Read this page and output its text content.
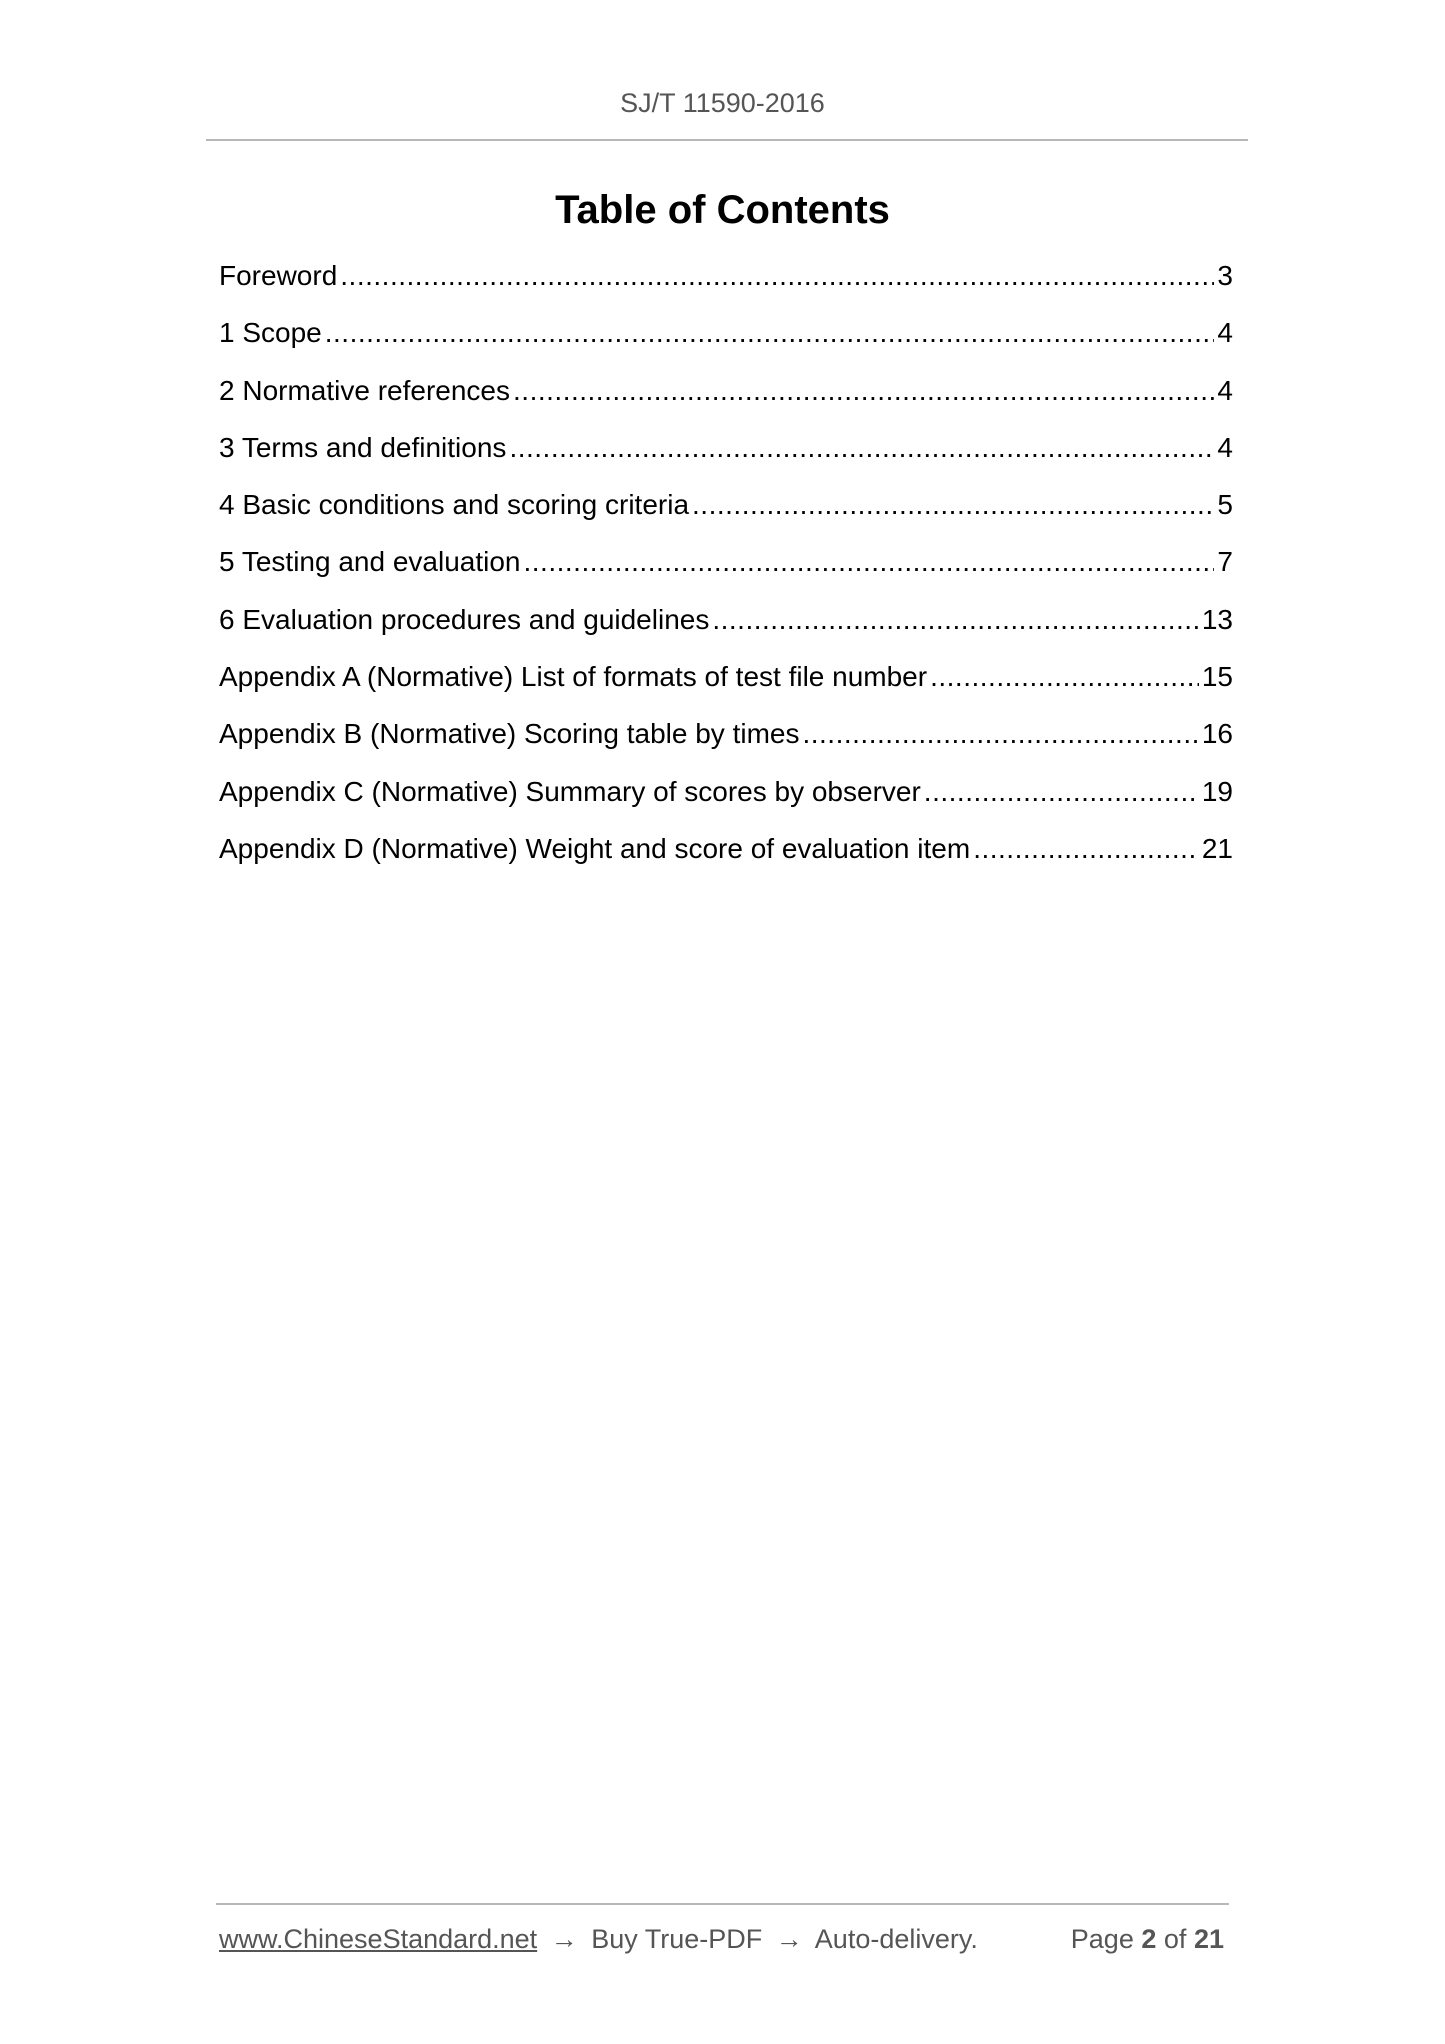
SJ/T 11590-2016
Table of Contents
Foreword .....	3
1 Scope .....	4
2 Normative references .....	4
3 Terms and definitions .....	4
4 Basic conditions and scoring criteria .....	5
5 Testing and evaluation .....	7
6 Evaluation procedures and guidelines .....	13
Appendix A (Normative) List of formats of test file number .....	15
Appendix B (Normative) Scoring table by times .....	16
Appendix C (Normative) Summary of scores by observer .....	19
Appendix D (Normative) Weight and score of evaluation item .....	21
www.ChineseStandard.net → Buy True-PDF → Auto-delivery.	Page 2 of 21
